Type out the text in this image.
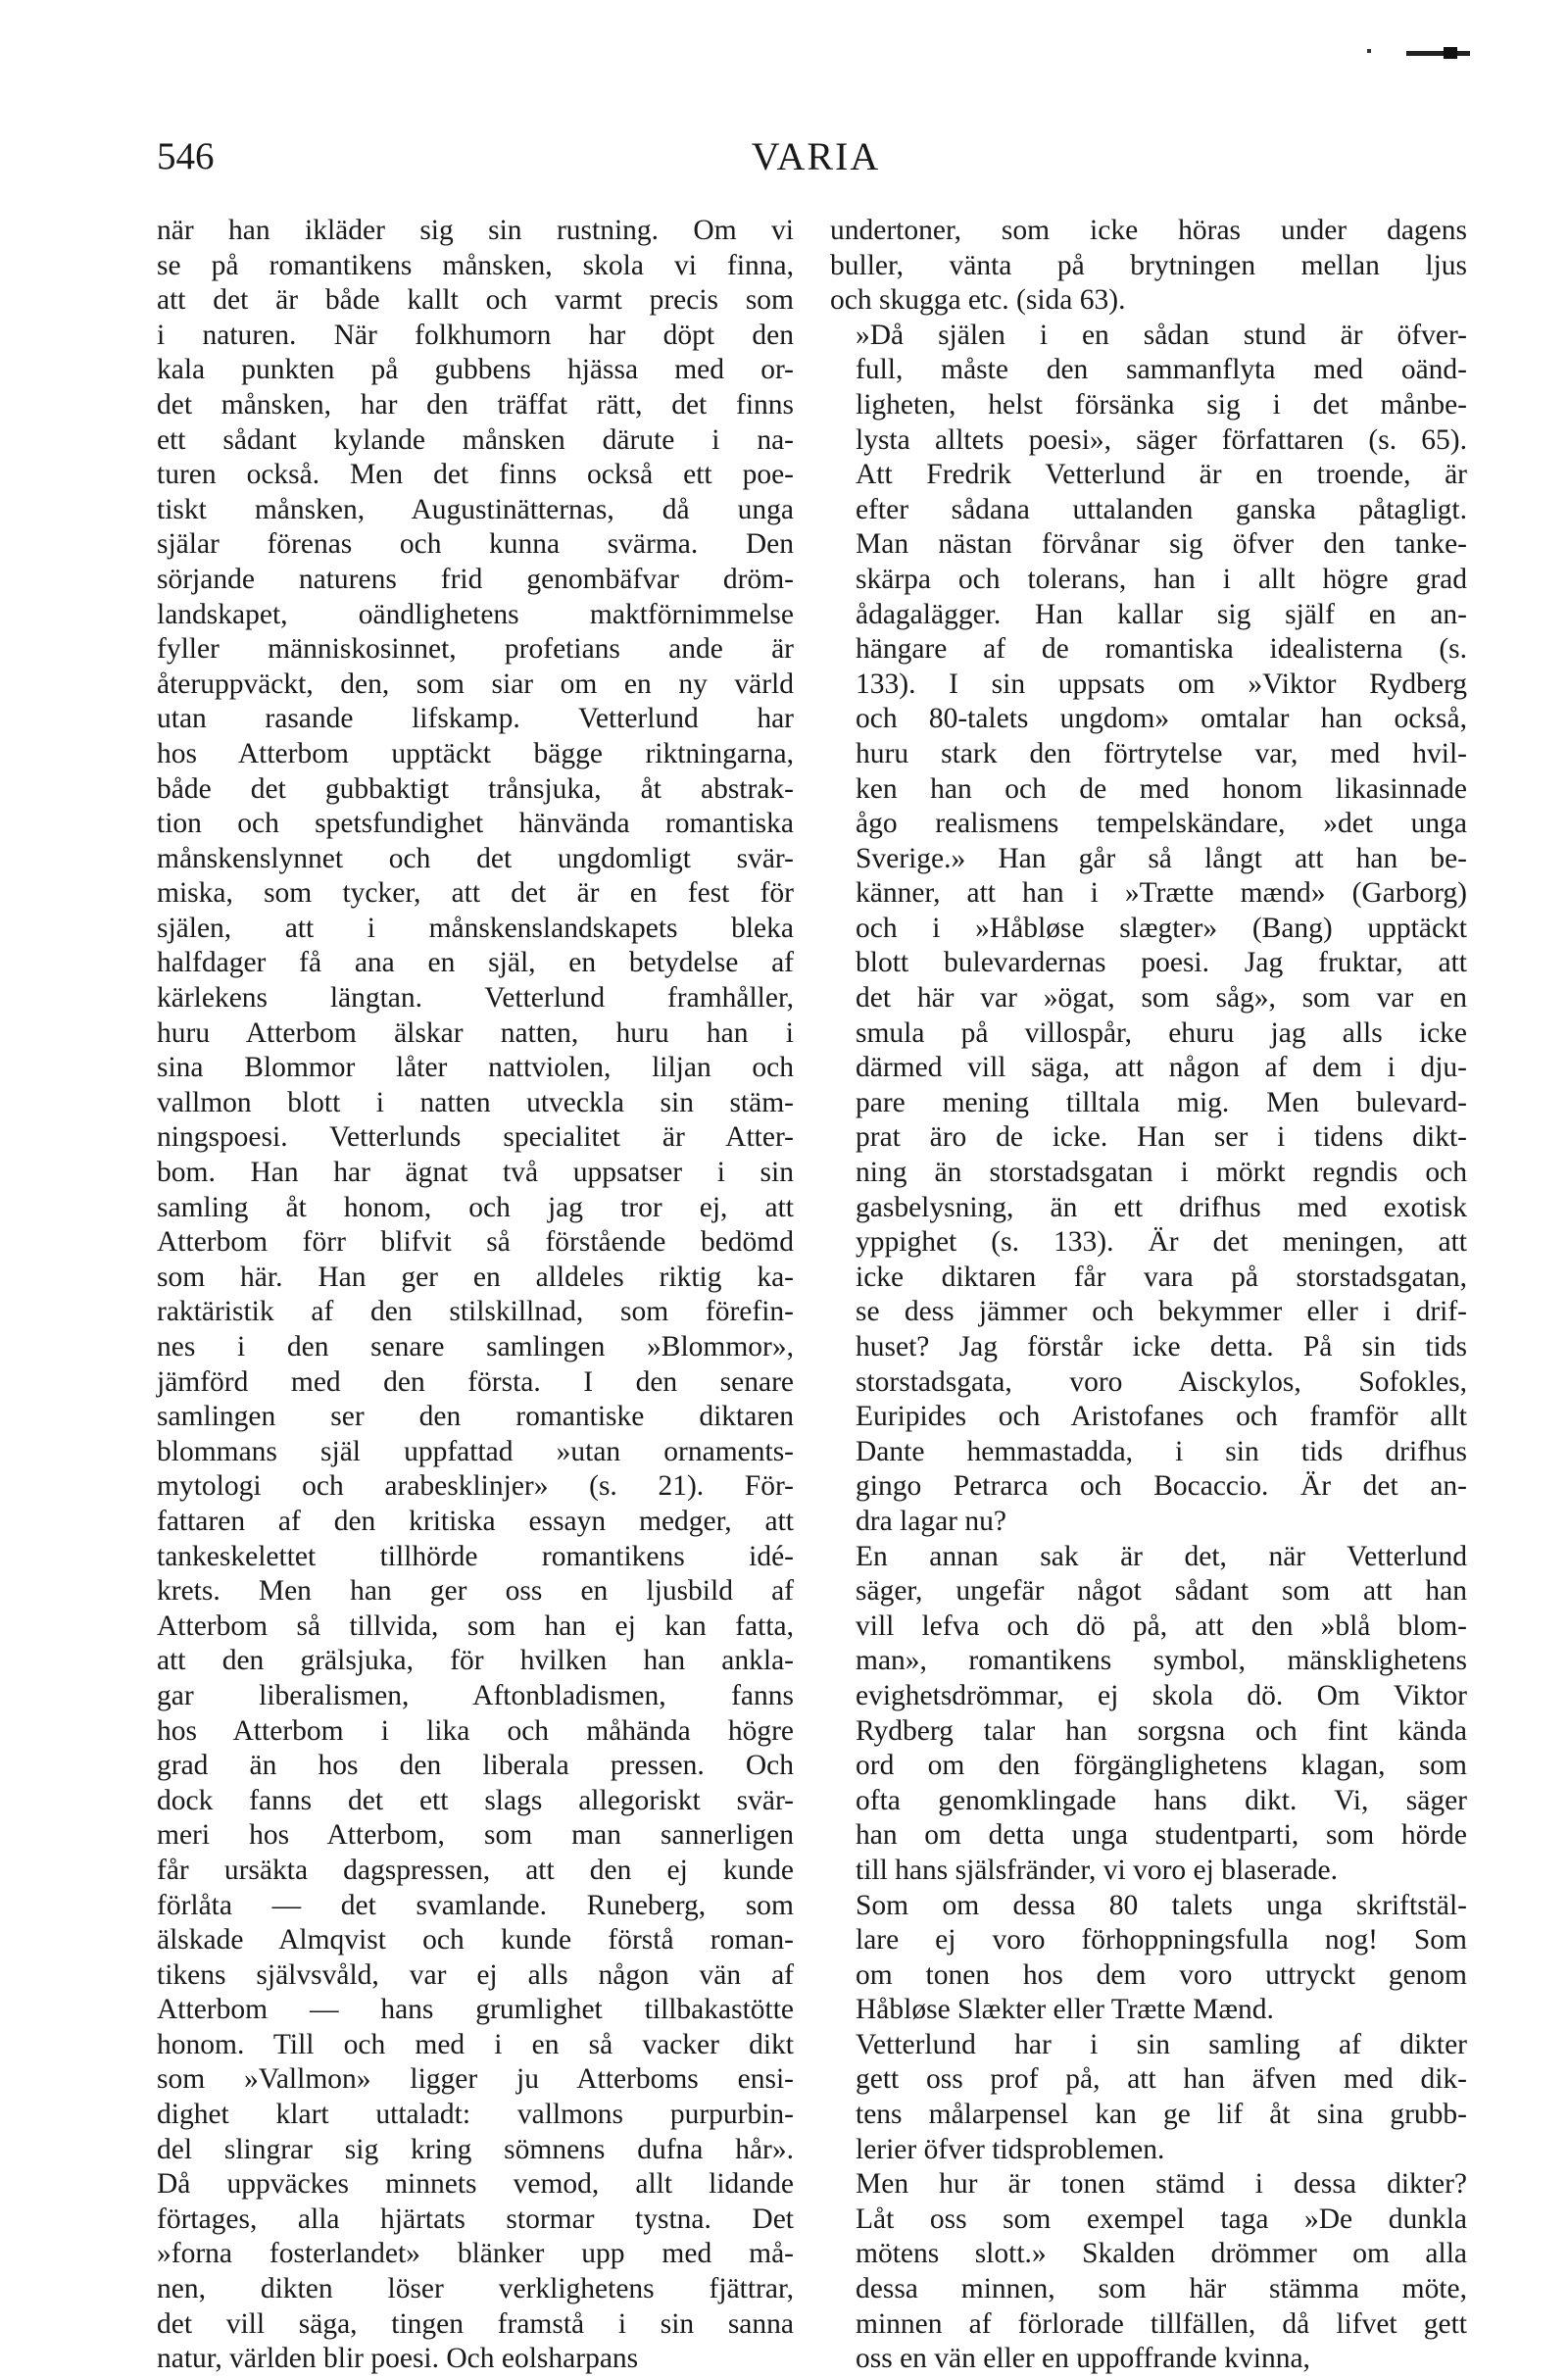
546	VARIA

när han ikläder sig sin rustning. Om vi
se på romantikens månsken, skola vi finna,
att det är både kallt och varmt precis som
i naturen. När folkhumorn har döpt den
kala punkten på gubbens hjässa med or-
det månsken, har den träffat rätt, det finns
ett sådant kylande månsken därute i na-
turen också. Men det finns också ett poe-
tiskt månsken, Augustinätternas, då unga
själar förenas och kunna svärma. Den
sörjande naturens frid genombäfvar dröm-
landskapet, oändlighetens maktförnimmelse
fyller människosinnet, profetians ande är
återuppväckt, den, som siar om en ny värld
utan rasande lifskamp. Vetterlund har
hos Atterbom upptäckt bägge riktningarna,
både det gubbaktigt trånsjuka, åt abstrak-
tion och spetsfundighet hänvända romantiska
månskenslynnet och det ungdomligt svär-
miska, som tycker, att det är en fest för
själen, att i månskenslandskapets bleka
halfdager få ana en själ, en betydelse af
kärlekens längtan. Vetterlund framhåller,
huru Atterbom älskar natten, huru han i
sina Blommor låter nattviolen, liljan och
vallmon blott i natten utveckla sin stäm-
ningspoesi. Vetterlunds specialitet är Atter-
bom. Han har ägnat två uppsatser i sin
samling åt honom, och jag tror ej, att
Atterbom förr blifvit så förstående bedömd
som här. Han ger en alldeles riktig ka-
raktäristik af den stilskillnad, som förefin-
nes i den senare samlingen »Blommor»,
jämförd med den första. I den senare
samlingen ser den romantiske diktaren
blommans själ uppfattad »utan ornaments-
mytologi och arabesklinjer» (s. 21). För-
fattaren af den kritiska essayn medger, att
tankeskelettet tillhörde romantikens idé-
krets. Men han ger oss en ljusbild af
Atterbom så tillvida, som han ej kan fatta,
att den grälsjuka, för hvilken han ankla-
gar liberalismen, Aftonbladismen, fanns
hos Atterbom i lika och måhända högre
grad än hos den liberala pressen. Och
dock fanns det ett slags allegoriskt svär-
meri hos Atterbom, som man sannerligen
får ursäkta dagspressen, att den ej kunde
förlåta — det svamlande. Runeberg, som
älskade Almqvist och kunde förstå roman-
tikens självsvåld, var ej alls någon vän af
Atterbom — hans grumlighet tillbakastötte
honom. Till och med i en så vacker dikt
som »Vallmon» ligger ju Atterboms ensi-
dighet klart uttaladt: vallmons purpurbin-
del slingrar sig kring sömnens dufna hår».
Då uppväckes minnets vemod, allt lidande
förtages, alla hjärtats stormar tystna. Det
»forna fosterlandet» blänker upp med må-
nen, dikten löser verklighetens fjättrar,
det vill säga, tingen framstå i sin sanna
natur, världen blir poesi. Och eolsharpans

undertoner, som icke höras under dagens
buller, vänta på brytningen mellan ljus
och skugga etc. (sida 63).

»Då själen i en sådan stund är öfver-
full, måste den sammanflyta med oänd-
ligheten, helst försänka sig i det månbe-
lysta alltets poesi», säger författaren (s. 65).
Att Fredrik Vetterlund är en troende, är
efter sådana uttalanden ganska påtagligt.
Man nästan förvånar sig öfver den tanke-
skärpa och tolerans, han i allt högre grad
ådagalägger. Han kallar sig själf en an-
hängare af de romantiska idealisterna (s.
133). I sin uppsats om »Viktor Rydberg
och 80-talets ungdom» omtalar han också,
huru stark den förtrytelse var, med hvil-
ken han och de med honom likasinnade
ågo realismens tempelskändare, »det unga
Sverige.» Han går så långt att han be-
känner, att han i »Trætte mænd» (Garborg)
och i »Håbløse slægter» (Bang) upptäckt
blott bulevardernas poesi. Jag fruktar, att
det här var »ögat, som såg», som var en
smula på villospår, ehuru jag alls icke
därmed vill säga, att någon af dem i dju-
pare mening tilltala mig. Men bulevard-
prat äro de icke. Han ser i tidens dikt-
ning än storstadsgatan i mörkt regndis och
gasbelysning, än ett drifhus med exotisk
yppighet (s. 133). Är det meningen, att
icke diktaren får vara på storstadsgatan,
se dess jämmer och bekymmer eller i drif-
huset? Jag förstår icke detta. På sin tids
storstadsgata, voro Aisckylos, Sofokles,
Euripides och Aristofanes och framför allt
Dante hemmastadda, i sin tids drifhus
gingo Petrarca och Bocaccio. Är det an-
dra lagar nu?

En annan sak är det, när Vetterlund
säger, ungefär något sådant som att han
vill lefva och dö på, att den »blå blom-
man», romantikens symbol, mänsklighetens
evighetsdrömmar, ej skola dö. Om Viktor
Rydberg talar han sorgsna och fint kända
ord om den förgänglighetens klagan, som
ofta genomklingade hans dikt. Vi, säger
han om detta unga studentparti, som hörde
till hans själsfränder, vi voro ej blaserade.

Som om dessa 80 talets unga skriftstäl-
lare ej voro förhoppningsfulla nog! Som
om tonen hos dem voro uttryckt genom
Håbløse Slækter eller Trætte Mænd.

Vetterlund har i sin samling af dikter
gett oss prof på, att han äfven med dik-
tens målarpensel kan ge lif åt sina grubb-
lerier öfver tidsproblemen.

Men hur är tonen stämd i dessa dikter?
Låt oss som exempel taga »De dunkla
mötens slott.» Skalden drömmer om alla
dessa minnen, som här stämma möte,
minnen af förlorade tillfällen, då lifvet gett
oss en vän eller en uppoffrande kvinna,
